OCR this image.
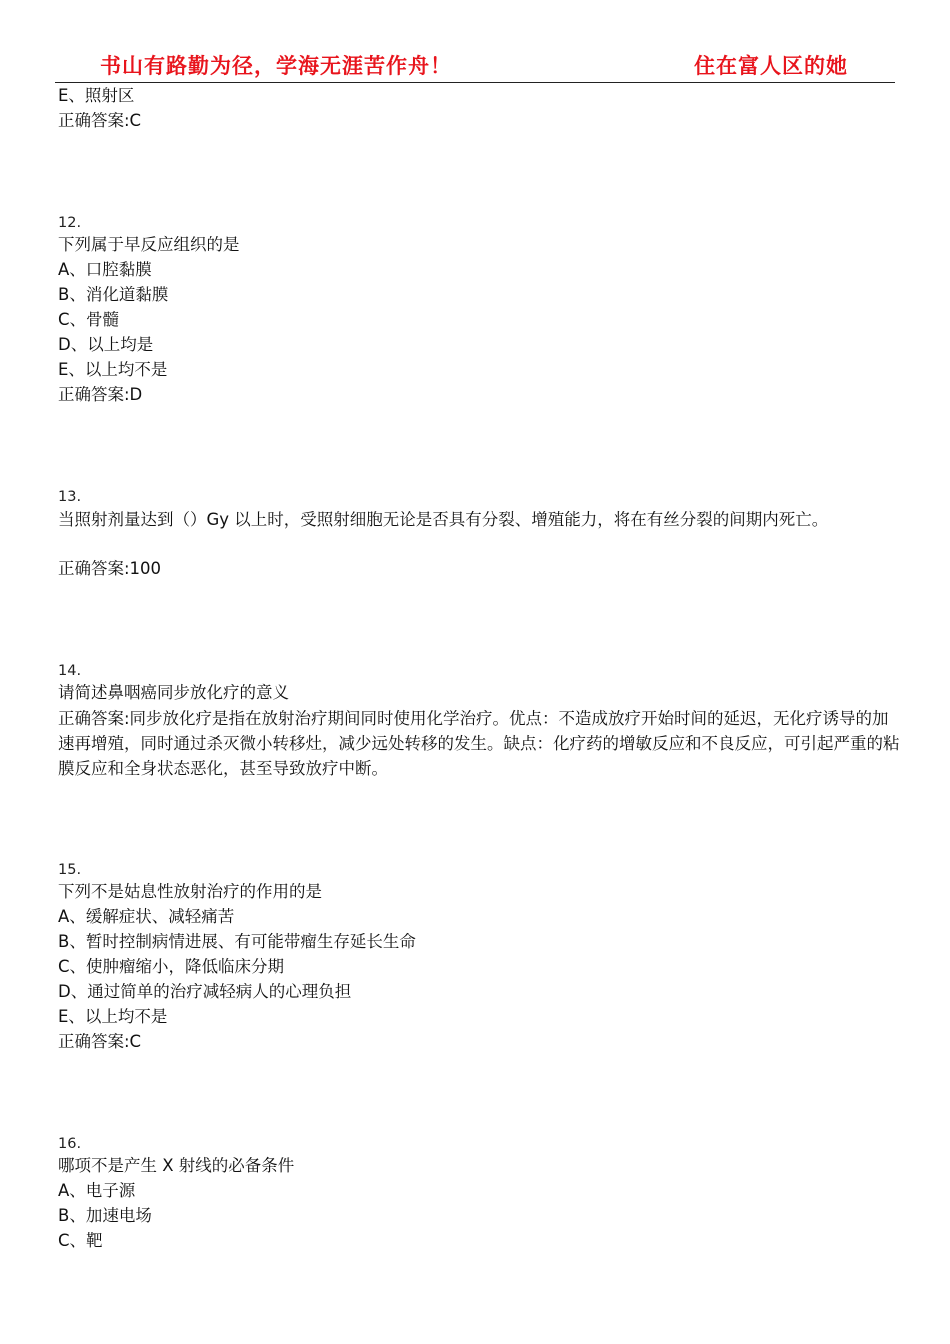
书山有路勤为径，学海无涯苦作舟！	住在富人区的她
E、照射区
正确答案:C
12.
下列属于早反应组织的是
A、口腔黏膜
B、消化道黏膜
C、骨髓
D、以上均是
E、以上均不是
正确答案:D
13.
当照射剂量达到（）Gy 以上时，受照射细胞无论是否具有分裂、增殖能力，将在有丝分裂的间期内死亡。
正确答案:100
14.
请简述鼻咽癌同步放化疗的意义
正确答案:同步放化疗是指在放射治疗期间同时使用化学治疗。优点：不造成放疗开始时间的延迟，无化疗诱导的加速再增殖，同时通过杀灭微小转移灶，减少远处转移的发生。缺点：化疗药的增敏反应和不良反应，可引起严重的粘膜反应和全身状态恶化，甚至导致放疗中断。
15.
下列不是姑息性放射治疗的作用的是
A、缓解症状、减轻痛苦
B、暂时控制病情进展、有可能带瘤生存延长生命
C、使肿瘤缩小，降低临床分期
D、通过简单的治疗减轻病人的心理负担
E、以上均不是
正确答案:C
16.
哪项不是产生 X 射线的必备条件
A、电子源
B、加速电场
C、靶
